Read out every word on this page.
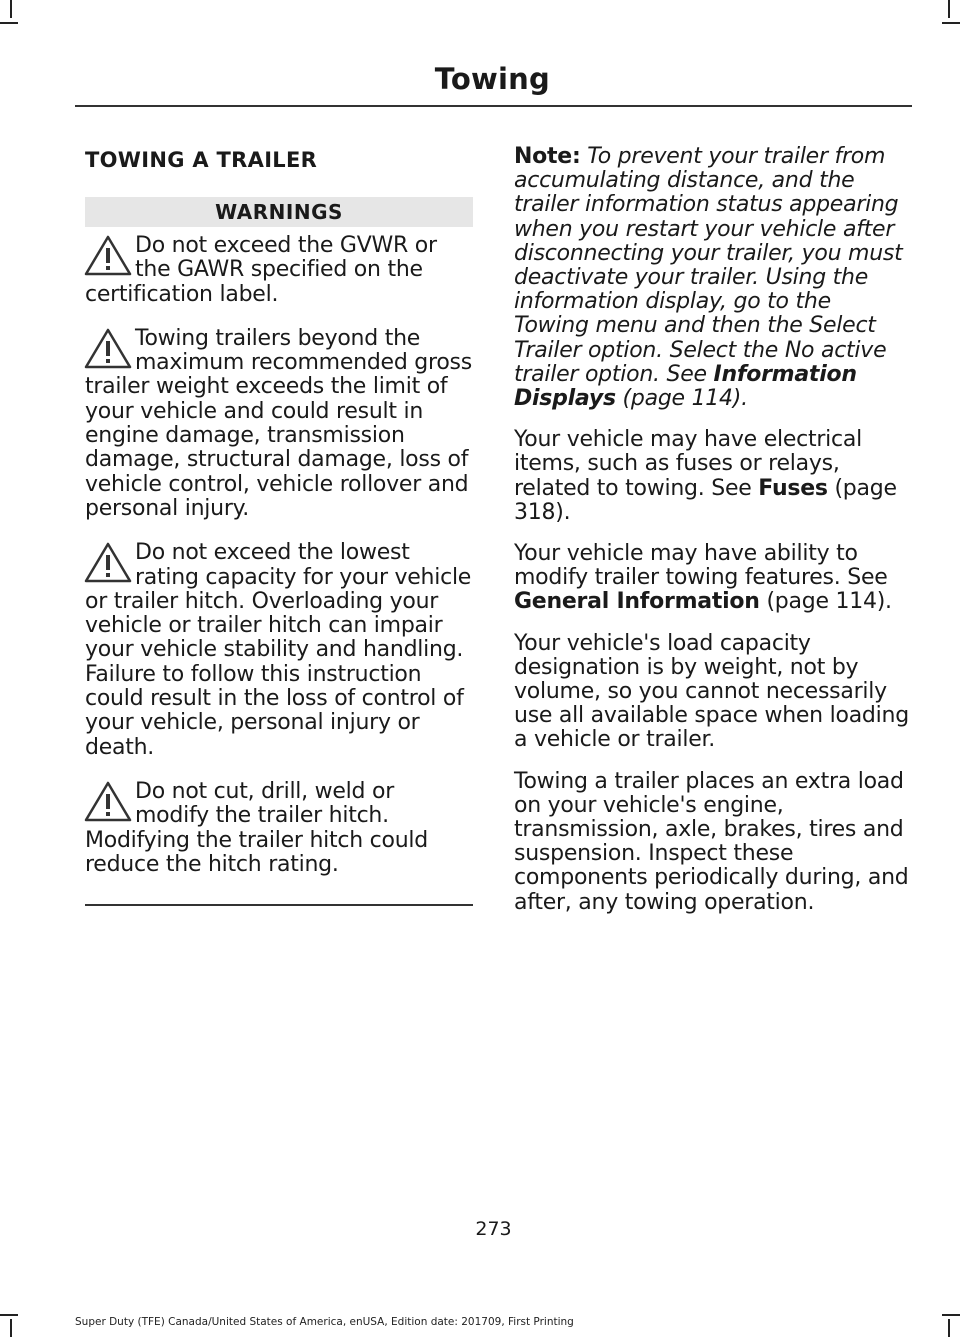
Towing
TOWING A TRAILER
WARNINGS
Do not exceed the GVWR or the GAWR specified on the certification label.
Towing trailers beyond the maximum recommended gross trailer weight exceeds the limit of your vehicle and could result in engine damage, transmission damage, structural damage, loss of vehicle control, vehicle rollover and personal injury.
Do not exceed the lowest rating capacity for your vehicle or trailer hitch. Overloading your vehicle or trailer hitch can impair your vehicle stability and handling. Failure to follow this instruction could result in the loss of control of your vehicle, personal injury or death.
Do not cut, drill, weld or modify the trailer hitch. Modifying the trailer hitch could reduce the hitch rating.

Note: To prevent your trailer from accumulating distance, and the trailer information status appearing when you restart your vehicle after disconnecting your trailer, you must deactivate your trailer. Using the information display, go to the Towing menu and then the Select Trailer option. Select the No active trailer option. See Information Displays (page 114).

Your vehicle may have electrical items, such as fuses or relays, related to towing. See Fuses (page 318).

Your vehicle may have ability to modify trailer towing features. See General Information (page 114).

Your vehicle's load capacity designation is by weight, not by volume, so you cannot necessarily use all available space when loading a vehicle or trailer.

Towing a trailer places an extra load on your vehicle's engine, transmission, axle, brakes, tires and suspension. Inspect these components periodically during, and after, any towing operation.

273
Super Duty (TFE) Canada/United States of America, enUSA, Edition date: 201709, First Printing
